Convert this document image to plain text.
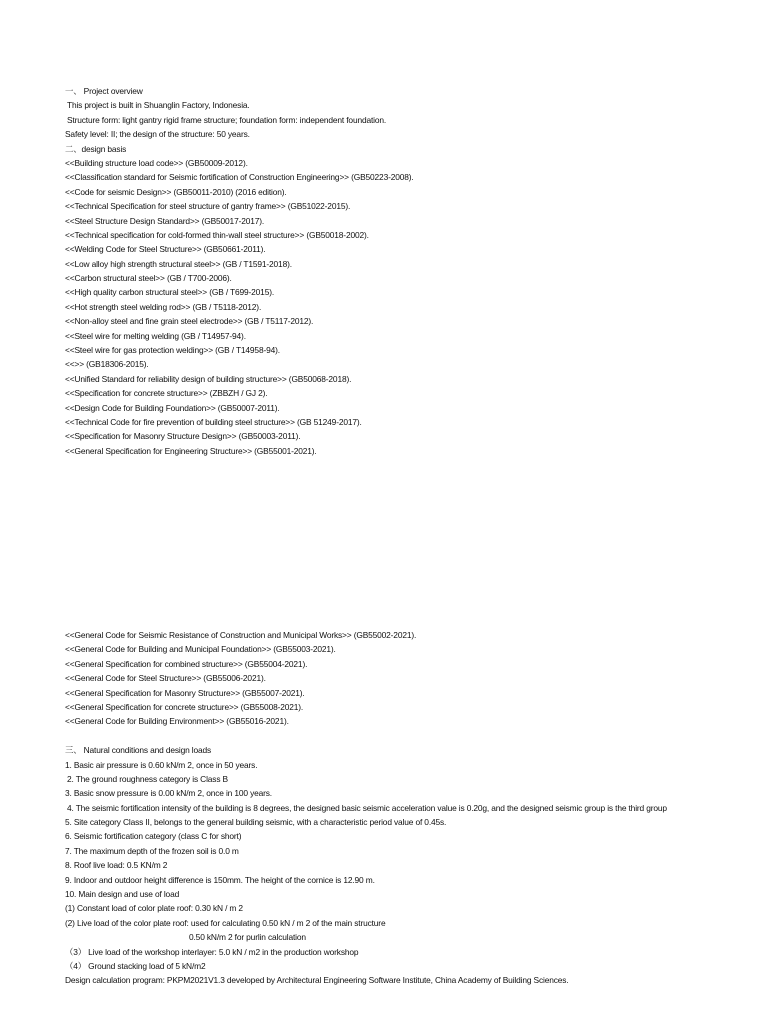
一、 Project overview
This project is built in Shuanglin Factory, Indonesia.
Structure form: light gantry rigid frame structure; foundation form: independent foundation.
Safety level: II; the design of the structure: 50 years.
二、design basis
<<Building structure load code>> (GB50009-2012).
<<Classification standard for Seismic fortification of Construction Engineering>> (GB50223-2008).
<<Code for seismic Design>> (GB50011-2010) (2016 edition).
<<Technical Specification for steel structure of gantry frame>> (GB51022-2015).
<<Steel Structure Design Standard>> (GB50017-2017).
<<Technical specification for cold-formed thin-wall steel structure>> (GB50018-2002).
<<Welding Code for Steel Structure>> (GB50661-2011).
<<Low alloy high strength structural steel>> (GB / T1591-2018).
<<Carbon structural steel>> (GB / T700-2006).
<<High quality carbon structural steel>> (GB / T699-2015).
<<Hot strength steel welding rod>> (GB / T5118-2012).
<<Non-alloy steel and fine grain steel electrode>> (GB / T5117-2012).
<<Steel wire for melting welding (GB / T14957-94).
<<Steel wire for gas protection welding>> (GB / T14958-94).
<<>> (GB18306-2015).
<<Unified Standard for reliability design of building structure>> (GB50068-2018).
<<Specification for concrete structure>> (ZBBZH / GJ 2).
<<Design Code for Building Foundation>> (GB50007-2011).
<<Technical Code for fire prevention of building steel structure>> (GB 51249-2017).
<<Specification for Masonry Structure Design>> (GB50003-2011).
<<General Specification for Engineering Structure>> (GB55001-2021).
<<General Code for Seismic Resistance of Construction and Municipal Works>> (GB55002-2021).
<<General Code for Building and Municipal Foundation>> (GB55003-2021).
<<General Specification for combined structure>> (GB55004-2021).
<<General Code for Steel Structure>> (GB55006-2021).
<<General Specification for Masonry Structure>> (GB55007-2021).
<<General Specification for concrete structure>> (GB55008-2021).
<<General Code for Building Environment>> (GB55016-2021).
三、 Natural conditions and design loads
1. Basic air pressure is 0.60 kN/m 2, once in 50 years.
2. The ground roughness category is Class B
3. Basic snow pressure is 0.00 kN/m 2, once in 100 years.
4. The seismic fortification intensity of the building is 8 degrees, the designed basic seismic acceleration value is 0.20g, and the designed seismic group is the third group
5. Site category Class II, belongs to the general building seismic, with a characteristic period value of 0.45s.
6. Seismic fortification category (class C for short)
7. The maximum depth of the frozen soil is 0.0 m
8. Roof live load: 0.5 KN/m 2
9. Indoor and outdoor height difference is 150mm. The height of the cornice is 12.90 m.
10. Main design and use of load
(1) Constant load of color plate roof: 0.30 kN / m 2
(2) Live load of the color plate roof: used for calculating 0.50 kN / m 2 of the main structure
0.50 kN/m 2 for purlin calculation
（3） Live load of the workshop interlayer: 5.0 kN / m2 in the production workshop
（4） Ground stacking load of 5 kN/m2
Design calculation program: PKPM2021V1.3 developed by Architectural Engineering Software Institute, China Academy of Building Sciences.
